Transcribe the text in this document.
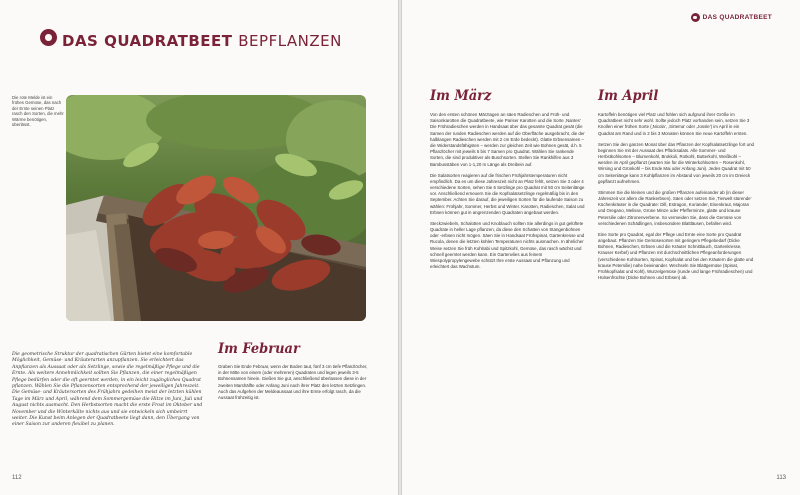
DAS QUADRATBEET BEPFLANZEN
Die rote Melde ist ein frühes Gemüse, das nach der Ernte seinen Platz rasch den Sorten, die mehr Wärme benötigen, überlässt.

Die geometrische Struktur der quadratischen Gärten bietet eine komfortable Möglichkeit, Gemüse- und Kräuterarten anzupflanzen. Sie erleichtert das Anpflanzen als Aussaat oder als Setzlinge, sowie die regelmäßige Pflege und die Ernte. Als weitere Annehmlichkeit sollten Sie Pflanzen, die einer regelmäßigen Pflege bedürfen oder die oft geerntet werden, in ein leicht zugängliches Quadrat pflanzen. Wählen Sie die Pflanzensorten entsprechend der jeweiligen Jahreszeit. Die Gemüse- und Kräutersorten des Frühjahrs gedeihen meist der letzten kühlen Tage im März und April, während dem Sommergemüse die Hitze im Juni, Juli und August nichts ausmacht. Den Herbstsorten macht die erste Frost im Oktober und November und die Winterkälte nichts aus und sie entwickeln sich umbeirrt weiter. Die Kunst beim Anlegen der Quadratbeete liegt dann, den Übergang von einer Saison zur anderen flexibel zu planen.

Im Februar

Graben Sie Ende Februar, wenn der Boden taut, fünf 3 cm tiefe Pflanzlöcher, in der Mitte von einem (oder mehreren) Quadraten und legen jeweils 3-5 Bohnensamen hinein. Gießen Sie gut, anschließend überlassen diese in der zweiten Marshälfte oder Anfang Juni nach ihrer Platz den letzten Setzlingen. Auch das Aufgehen der Meldeaussaat und ihre Ernte erfolgt rasch, da die Aussaat frühzeitig ist.

112
DAS QUADRATBEET
Im März

Von den ersten schönen Märztagen an säen Radieschen und Früh- und Saisonkarotten die Quadratbeete, wie Pariser Karotten und die Sorte ‚Nantes' Die Frühradieschen werden in Handsaat über das gesamte Quadrat gesät (die Samen der runden Radieschen werden auf die Oberfläche ausgebracht, die der halblangen Radieschen werden mit 2 cm Erde bedeckt). Glatte Erbsensamen – die Widerstandsfähigsten – werden zur gleichen Zeit wie Bohnen gesät, d.h. 5 Pflanzlöcher mit jeweils 5 bis 7 Samen pro Quadrat. Wählen Sie rankende Sorten, die sind produktiver als Buschsorten. Stellen Sie Rankhilfen aus 3 Bambusstäben von 1-1,20 m Länge als Dreibein auf.

Die Salatsorten reagieren auf die frischen Frühjahrstemperaturen nicht empfindlich. Da es um diese Jahreszeit nicht an Platz fehlt, setzen Sie 3 oder 4 verschiedene Sorten, sehen Sie 6 Setzlinge pro Quadrat mit 50 cm Seitenlänge vor. Anschließend erneuern Sie die Kopfsalatsetzlinge regelmäßig bis in den September. Achten Sie darauf, die jeweiligen Sorten für die laufende Saison zu wählen: Frühjahr, Sommer, Herbst und Winter. Karotten, Radieschen, Salat und Erbsen können gut in angrenzenden Quadraten angebaut werden.

Steckzwiebeln, Schalotten und Knoblauch sollten Sie allerdings in gut gelüftete Quadrate in heller Lage pflanzen, da diese den Schatten von Stangenbohnen oder -erbsen nicht mögen. Säen Sie in Handsaat Frühspinat, Gartenkresse und Rucola, denen die letzten kühlen Temperaturen nichts ausmachen. In ähnlicher Weise setzen Sie früh Kohlrabi und Spitzkohl, Gemüse, das rasch wächst und schnell geerntet werden kann. Ein Gartenvlies aus feinem Wiespolypropylengewebe schützt Ihre erste Aussaat und Pflanzung und erleichtert das Wachstum.

Im April

Kartoffeln benötigen viel Platz und fühlen sich aufgrund ihrer Größe im Quadratbeet nicht sehr wohl. Sollte jedoch Platz vorhanden sein, setzen Sie 3 Knollen einer frühen Sorte (‚Nicola', ‚Sirtema' oder ‚Jossle') im April in ein Quadrat am Rand und in 2 bis 3 Monaten können Sie neue Kartoffeln ernten.

Setzen Sie den ganzen Monat über das Pflanzen der Kopfsalatsetzlinge fort und beginnen Sie mit der Aussaat des Pflücksalats. Alle Sommer- und Herbstkohlsorten – Blumenkohl, Brokkoli, Rotkohl, Butterkohl, Weißkohl – werden im April gepflanzt (warten Sie für die Winterkohlsorten – Rosenkohl, Wirsing und Grünkohl – bis Ende Mai oder Anfang Juni). Jedes Quadrat mit 50 cm Seitenlänge kann 3 Kohlpflanzen im Abstand von jeweils 20 cm im Dreieck gepflanzt aufnehmen.

Stimmen Sie die kleinen und die großen Pflanzen aufeinander ab (in dieser Jahreszeit vor allem die Rankerbsen). Säen oder setzen Sie ‚Tierwelt stürende' Küchenkräuter in die Quadrate: Dill, Estragon, Koriander, Eisenkraut, Majoran und Oregano, Melisse, Grüne Minze oder Pfefferminze, glatte und krause Petersilie oder Zitronenverbene. So vermeiden Sie, dass die Gemüse von verschiedenen Schädlingen, insbesondere Blattläusen, befallen wird.

Eine Sorte pro Quadrat, egal der Pflege und Ernte eine Sorte pro Quadrat angebaut. Pflanzen Sie Gemüsesorten mit geringem Pflegebedarf (Dicke Bohnen, Radieschen, Erbsen und die Kräuter Schnittlauch, Gartenkresse, Krauser Kerbel) und Pflanzen mit durchschnittlichen Pflegeanforderungen (verschiedene Kohlsorten, Spinat, Kopfsalat und bei den Kräutern die glatte und krause Petersilie) nahe beieinander. Wechseln Sie Blattgemüse (Spinat, Frühkopfsalat und Kohl), Wurzelgemüse (runde und lange Frühradieschen) und Hülsenfrüchte (Dicke Bohnen und Erbsen) ab.

113
